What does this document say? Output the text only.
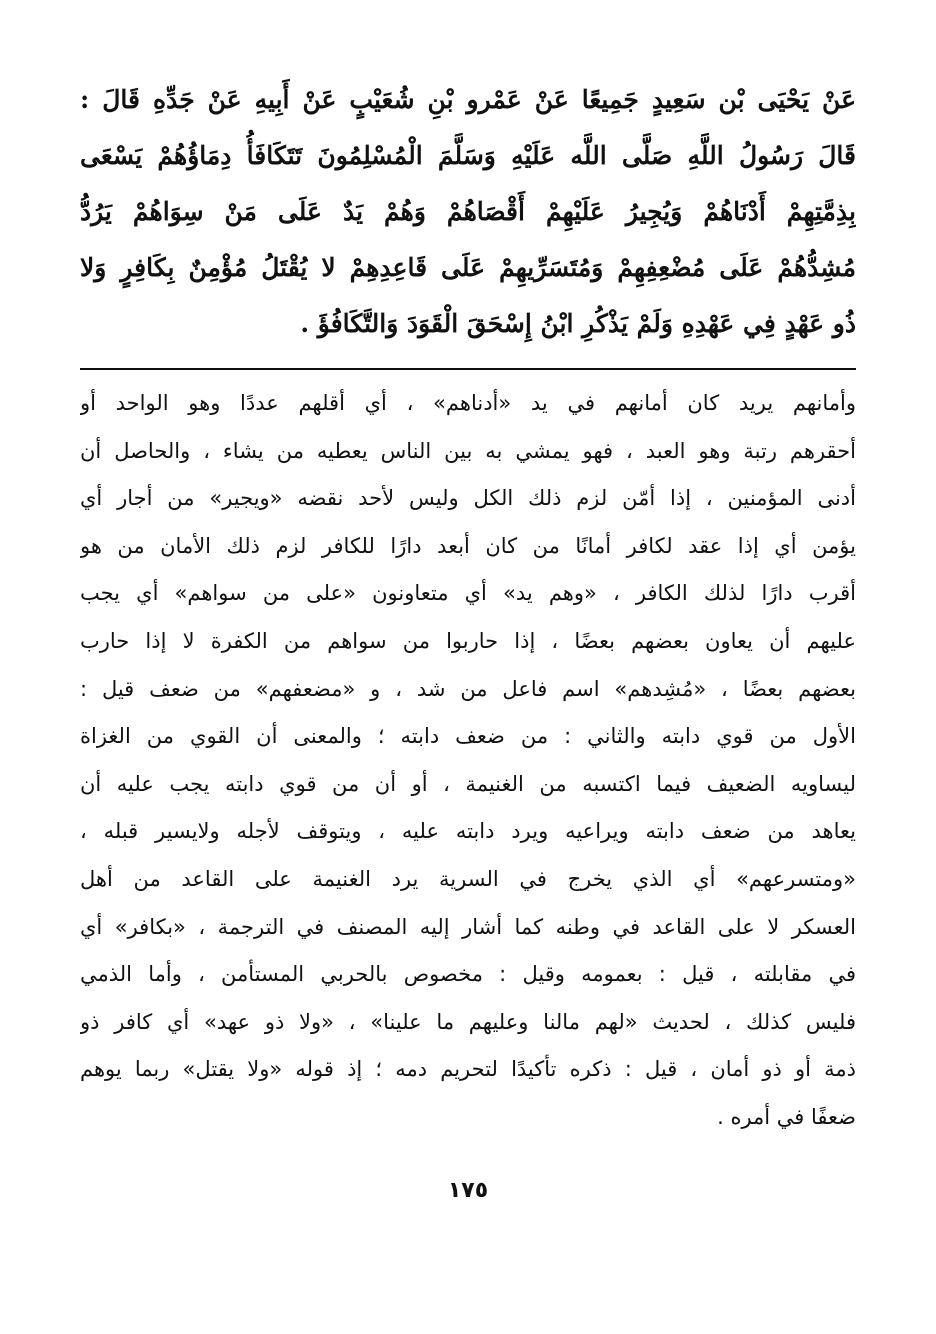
عَنْ يَحْيَى بْن سَعِيدٍ جَمِيعًا عَنْ عَمْرو بْنِ شُعَيْبٍ عَنْ أَبِيهِ عَنْ جَدِّهِ قَالَ :
قَالَ رَسُولُ اللَّهِ صَلَّى اللَّه عَلَيْهِ وَسَلَّمَ الْمُسْلِمُونَ تَتَكَافَأُ دِمَاؤُهُمْ يَسْعَى
بِذِمَّتِهِمْ أَدْنَاهُمْ وَيُجِيرُ عَلَيْهِمْ أَقْصَاهُمْ وَهُمْ يَدٌ عَلَى مَنْ سِوَاهُمْ يَرُدُّ
مُشِدُّهُمْ عَلَى مُضْعِفِهِمْ وَمُتَسَرِّيهِمْ عَلَى قَاعِدِهِمْ لا يُقْتَلُ مُؤْمِنٌ بِكَافِرٍ وَلا
ذُو عَهْدٍ فِي عَهْدِهِ وَلَمْ يَذْكُرِ ابْنُ إِسْحَقَ الْقَوَدَ وَالتَّكَافُؤَ .
وأمانهم يريد كان أمانهم في يد «أدناهم» ، أي أقلهم عددًا وهو الواحد أو
أحقرهم رتبة وهو العبد ، فهو يمشي به بين الناس يعطيه من يشاء ، والحاصل أن
أدنى المؤمنين ، إذا أمّن لزم ذلك الكل وليس لأحد نقضه «ويجير» من أجار أي
يؤمن أي إذا عقد لكافر أمانًا من كان أبعد دارًا للكافر لزم ذلك الأمان من هو
أقرب دارًا لذلك الكافر ، «وهم يد» أي متعاونون «على من سواهم» أي يجب
عليهم أن يعاون بعضهم بعضًا ، إذا حاربوا من سواهم من الكفرة لا إذا حارب
بعضهم بعضًا ، «مُشِدهم» اسم فاعل من شد ، و «مضعفهم» من ضعف قيل :
الأول من قوي دابته والثاني : من ضعف دابته ؛ والمعنى أن القوي من الغزاة
ليساويه الضعيف فيما اكتسبه من الغنيمة ، أو أن من قوي دابته يجب عليه أن
يعاهد من ضعف دابته ويراعيه ويرد دابته عليه ، ويتوقف لأجله ولايسير قبله ،
«ومتسرعهم» أي الذي يخرج في السرية يرد الغنيمة على القاعد من أهل
العسكر لا على القاعد في وطنه كما أشار إليه المصنف في الترجمة ، «بكافر» أي
في مقابلته ، قيل : بعمومه وقيل : مخصوص بالحربي المستأمن ، وأما الذمي
فليس كذلك ، لحديث «لهم مالنا وعليهم ما علينا» ، «ولا ذو عهد» أي كافر ذو
ذمة أو ذو أمان ، قيل : ذكره تأكيدًا لتحريم دمه ؛ إذ قوله «ولا يقتل» ربما يوهم
ضعفًا في أمره .
١٧٥
